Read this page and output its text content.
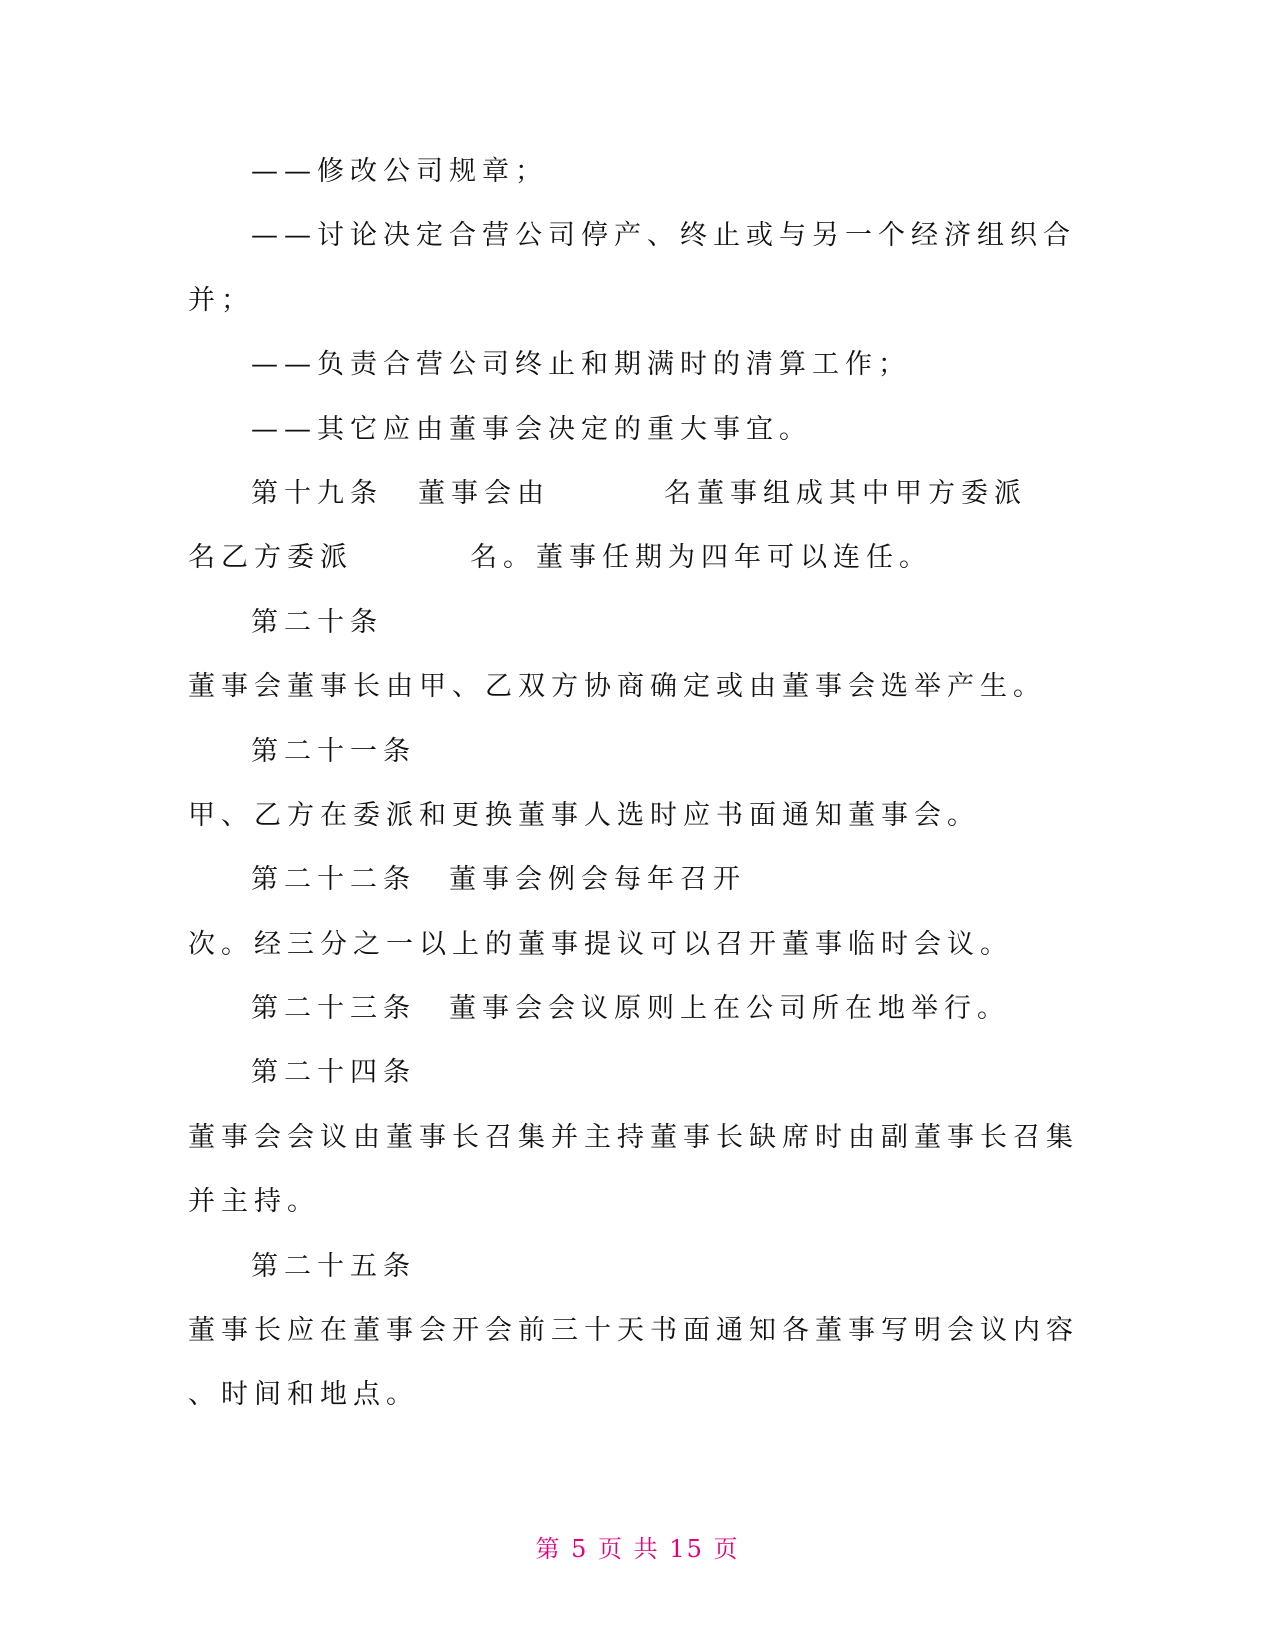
——修改公司规章；
——讨论决定合营公司停产、终止或与另一个经济组织合
并；
——负责合营公司终止和期满时的清算工作；
——其它应由董事会决定的重大事宜。
第十九条 董事会由	名董事组成其中甲方委派
名乙方委派	名。董事任期为四年可以连任。
第二十条
董事会董事长由甲、乙双方协商确定或由董事会选举产生。
第二十一条
甲、乙方在委派和更换董事人选时应书面通知董事会。
第二十二条 董事会例会每年召开
次。经三分之一以上的董事提议可以召开董事临时会议。
第二十三条 董事会会议原则上在公司所在地举行。
第二十四条
董事会会议由董事长召集并主持董事长缺席时由副董事长召集
并主持。
第二十五条
董事长应在董事会开会前三十天书面通知各董事写明会议内容
、时间和地点。
第 5 页 共 15 页
